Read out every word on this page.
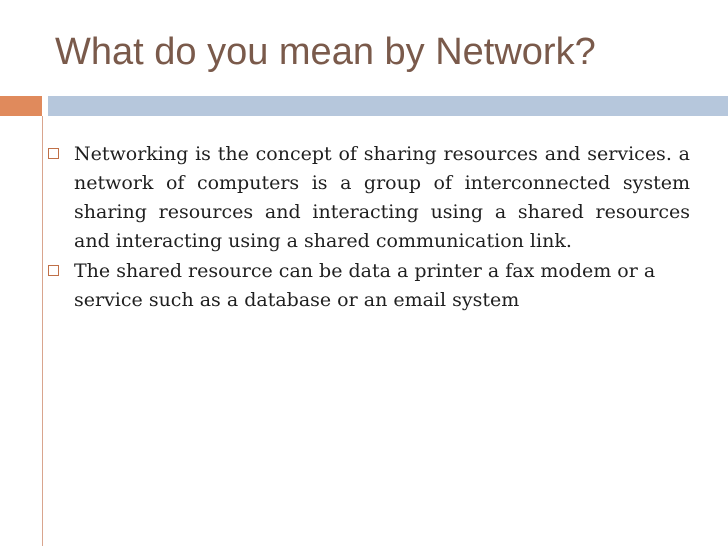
What do you mean by Network?
Networking is the concept of sharing resources and services. a network of computers is a group of interconnected system sharing resources and interacting using a shared resources and interacting using a shared communication link.
The shared resource can be data a printer a fax modem or a service such as a database or an email system
